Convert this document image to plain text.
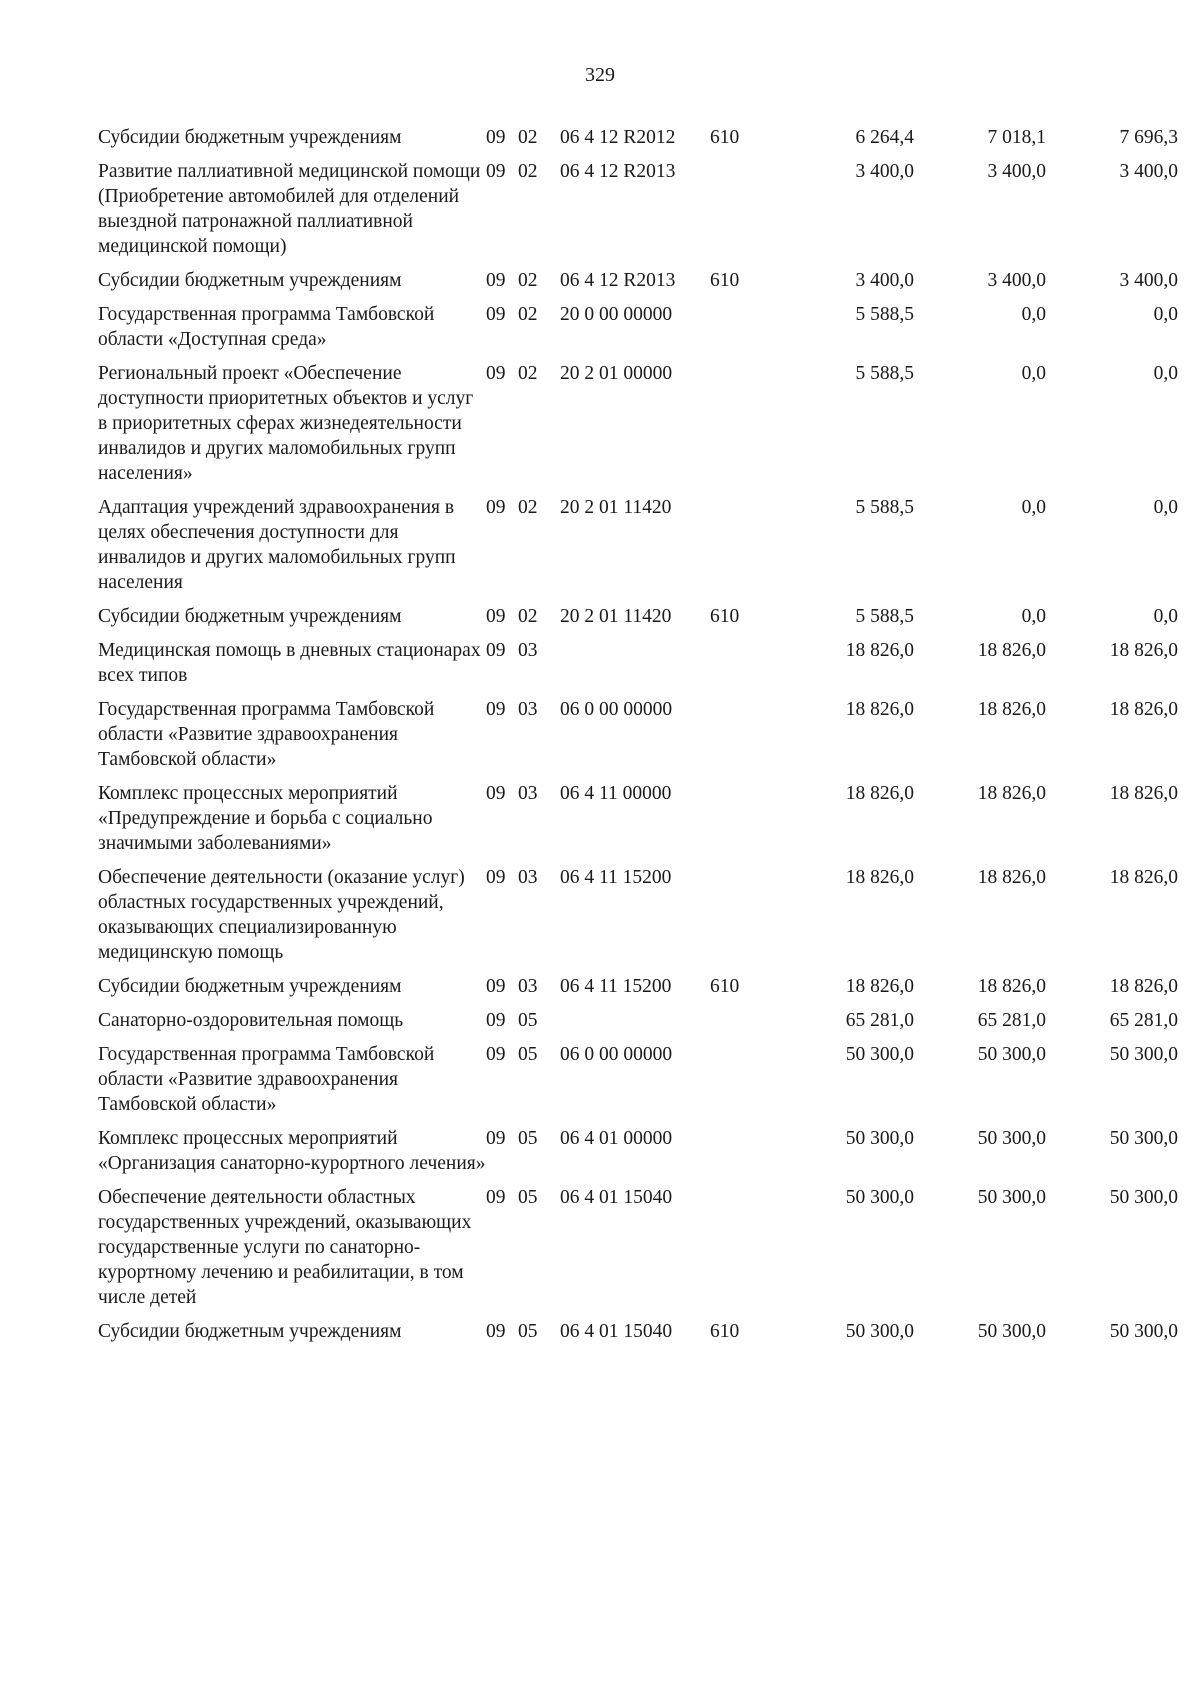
329
Субсидии бюджетным учреждениям	09	02	06 4 12 R2012	610	6 264,4	7 018,1	7 696,3
Развитие паллиативной медицинской помощи (Приобретение автомобилей для отделений выездной патронажной паллиативной медицинской помощи)	09	02	06 4 12 R2013		3 400,0	3 400,0	3 400,0
Субсидии бюджетным учреждениям	09	02	06 4 12 R2013	610	3 400,0	3 400,0	3 400,0
Государственная программа Тамбовской области «Доступная среда»	09	02	20 0 00 00000		5 588,5	0,0	0,0
Региональный проект «Обеспечение доступности приоритетных объектов и услуг в приоритетных сферах жизнедеятельности инвалидов и других маломобильных групп населения»	09	02	20 2 01 00000		5 588,5	0,0	0,0
Адаптация учреждений здравоохранения в целях обеспечения доступности для инвалидов и других маломобильных групп населения	09	02	20 2 01 11420		5 588,5	0,0	0,0
Субсидии бюджетным учреждениям	09	02	20 2 01 11420	610	5 588,5	0,0	0,0
Медицинская помощь в дневных стационарах всех типов	09	03			18 826,0	18 826,0	18 826,0
Государственная программа Тамбовской области «Развитие здравоохранения Тамбовской области»	09	03	06 0 00 00000		18 826,0	18 826,0	18 826,0
Комплекс процессных мероприятий «Предупреждение и борьба с социально значимыми заболеваниями»	09	03	06 4 11 00000		18 826,0	18 826,0	18 826,0
Обеспечение деятельности (оказание услуг) областных государственных учреждений, оказывающих специализированную медицинскую помощь	09	03	06 4 11 15200		18 826,0	18 826,0	18 826,0
Субсидии бюджетным учреждениям	09	03	06 4 11 15200	610	18 826,0	18 826,0	18 826,0
Санаторно-оздоровительная помощь	09	05			65 281,0	65 281,0	65 281,0
Государственная программа Тамбовской области «Развитие здравоохранения Тамбовской области»	09	05	06 0 00 00000		50 300,0	50 300,0	50 300,0
Комплекс процессных мероприятий «Организация санаторно-курортного лечения»	09	05	06 4 01 00000		50 300,0	50 300,0	50 300,0
Обеспечение деятельности областных государственных учреждений, оказывающих государственные услуги по санаторно-курортному лечению и реабилитации, в том числе детей	09	05	06 4 01 15040		50 300,0	50 300,0	50 300,0
Субсидии бюджетным учреждениям	09	05	06 4 01 15040	610	50 300,0	50 300,0	50 300,0
